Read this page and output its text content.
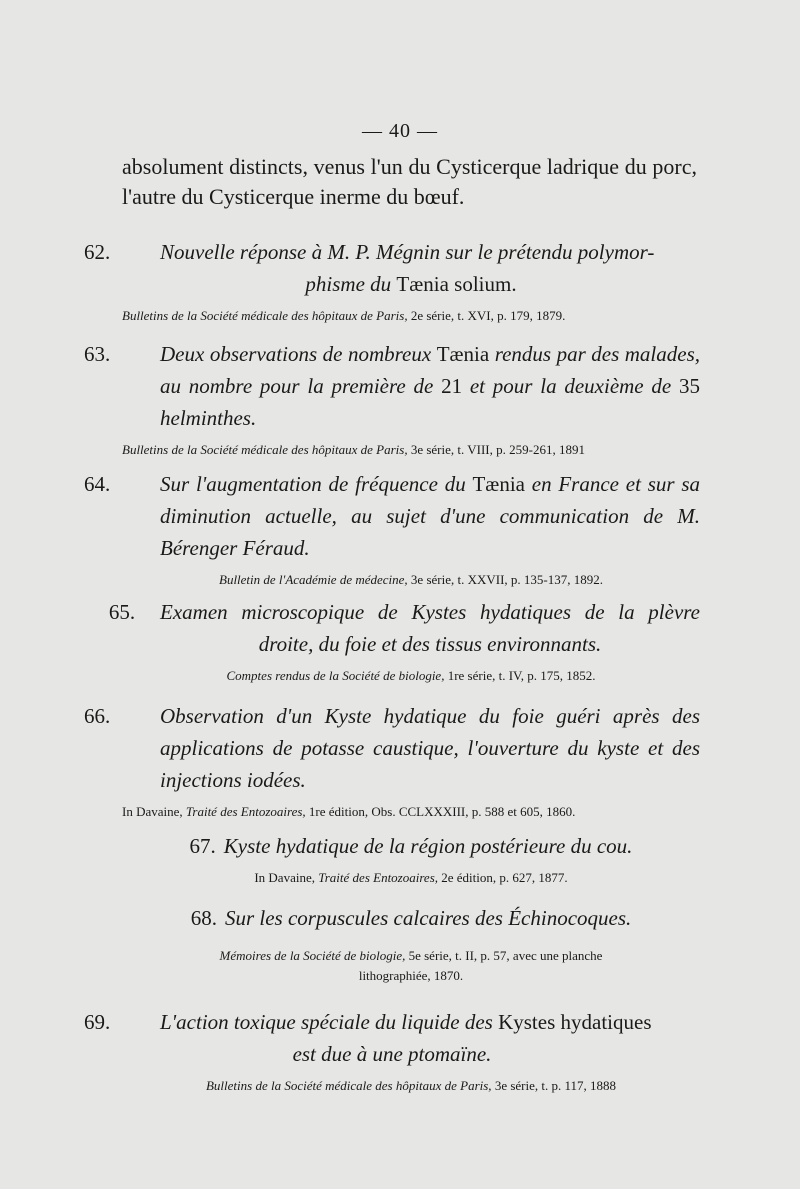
— 40 —
absolument distincts, venus l'un du Cysticerque ladrique du porc, l'autre du Cysticerque inerme du bœuf.
62. Nouvelle réponse à M. P. Mégnin sur le prétendu polymor-

phisme du Tænia solium.
Bulletins de la Société médicale des hôpitaux de Paris, 2e série, t. XVI, p. 179, 1879.
63. Deux observations de nombreux Tænia rendus par des malades, au nombre pour la première de 21 et pour la deuxième de 35 helminthes.
Bulletins de la Société médicale des hôpitaux de Paris, 3e série, t. VIII, p. 259-261, 1891
64. Sur l'augmentation de fréquence du Tænia en France et sur sa diminution actuelle, au sujet d'une communication de M. Bérenger Féraud.
Bulletin de l'Académie de médecine, 3e série, t. XXVII, p. 135-137, 1892.
65. Examen microscopique de Kystes hydatiques de la plèvre droite, du foie et des tissus environnants.
Comptes rendus de la Société de biologie, 1re série, t. IV, p. 175, 1852.
66. Observation d'un Kyste hydatique du foie guéri après des applications de potasse caustique, l'ouverture du kyste et des injections iodées.
In Davaine, Traité des Entozoaires, 1re édition, Obs. CCLXXXIII, p. 588 et 605, 1860.
67. Kyste hydatique de la région postérieure du cou.
In Davaine, Traité des Entozoaires, 2e édition, p. 627, 1877.
68. Sur les corpuscules calcaires des Échinocoques.
Mémoires de la Société de biologie, 5e série, t. II, p. 57, avec une planche
lithographiée, 1870.
69. L'action toxique spéciale du liquide des Kystes hydatiques

est due à une ptomaïne.
Bulletins de la Société médicale des hôpitaux de Paris, 3e série, t. p. 117, 1888
